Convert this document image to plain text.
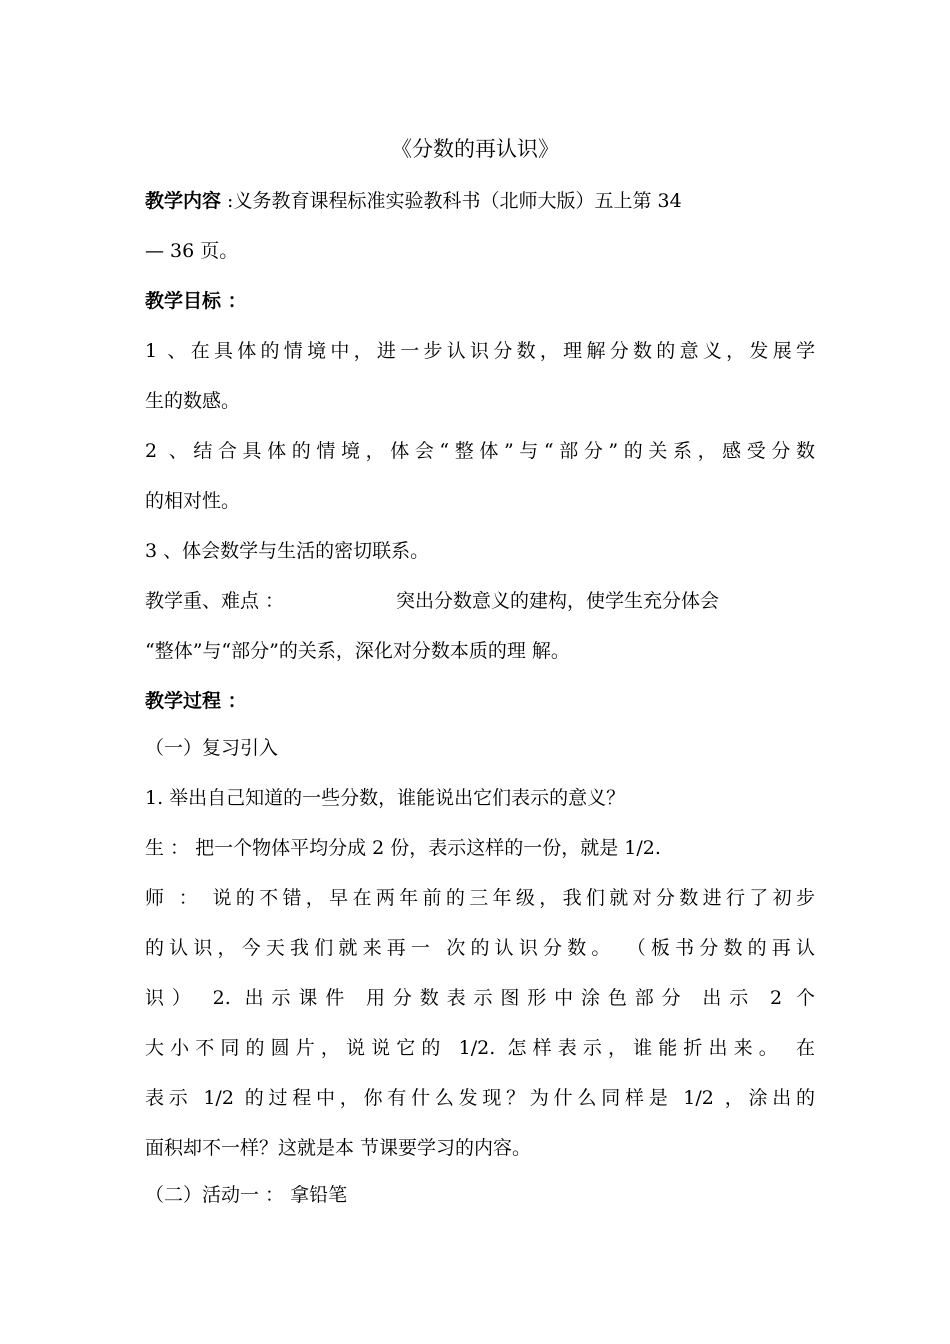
《分数的再认识》
教学内容 :义务教育课程标准实验教科书（北师大版）五上第 34
— 36 页。
教学目标 ：
1 、在具体的情境中，进一步认识分数，理解分数的意义，发展学
生的数感。
2 、结合具体的情境，体会“整体”与“部分”的关系，感受分数
的相对性。
3 、体会数学与生活的密切联系。
教学重、难点 ：	突出分数意义的建构，使学生充分体会
“整体”与“部分”的关系，深化对分数本质的理 解。
教学过程 ：
（一）复习引入
1. 举出自己知道的一些分数，谁能说出它们表示的意义？
生 ： 把一个物体平均分成 2 份，表示这样的一份，就是 1/2.
师 ： 说的不错，早在两年前的三年级，我们就对分数进行了初步
的认识，今天我们就来再一 次的认识分数。 （板书分数的再认
识） 2. 出示课件 用分数表示图形中涂色部分 出示 2 个
大小不同的圆片，说说它的 1/2. 怎样表示，谁能折出来。 在
表示 1/2 的过程中，你有什么发现？为什么同样是 1/2 ，涂出的
面积却不一样？这就是本 节课要学习的内容。
（二）活动一 ： 拿铅笔
